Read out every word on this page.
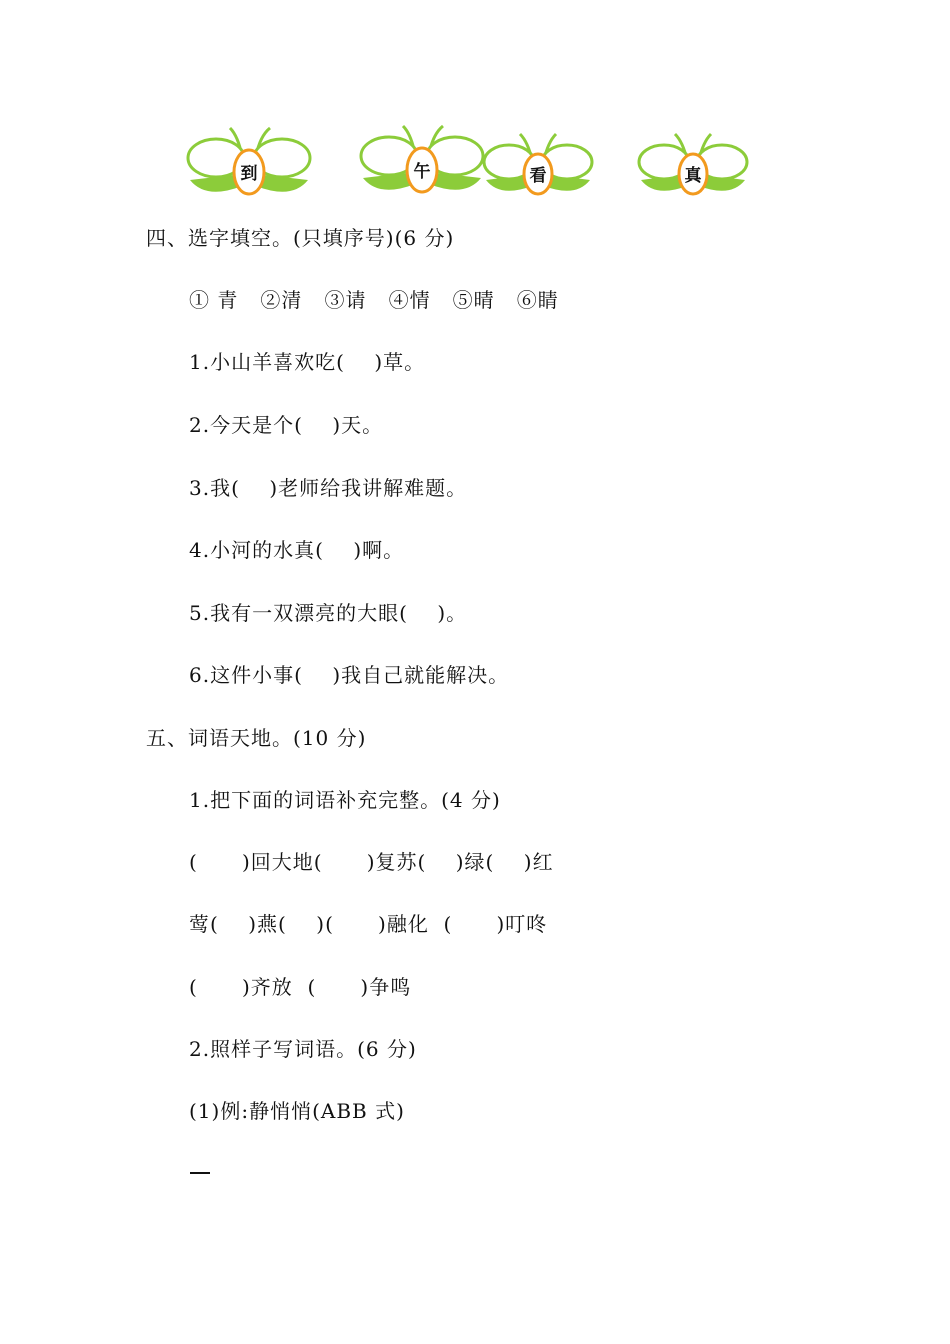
到	午	看	真
四、选字填空。(只填序号)(6 分)
① 青   ②清   ③请   ④情   ⑤晴   ⑥睛
1.小山羊喜欢吃(    )草。
2.今天是个(    )天。
3.我(    )老师给我讲解难题。
4.小河的水真(    )啊。
5.我有一双漂亮的大眼(    )。
6.这件小事(    )我自己就能解决。
五、词语天地。(10 分)
1.把下面的词语补充完整。(4 分)
(      )回大地(      )复苏(    )绿(    )红
莺(    )燕(    )(      )融化  (      )叮咚
(      )齐放  (      )争鸣
2.照样子写词语。(6 分)
(1)例:静悄悄(ABB 式)
